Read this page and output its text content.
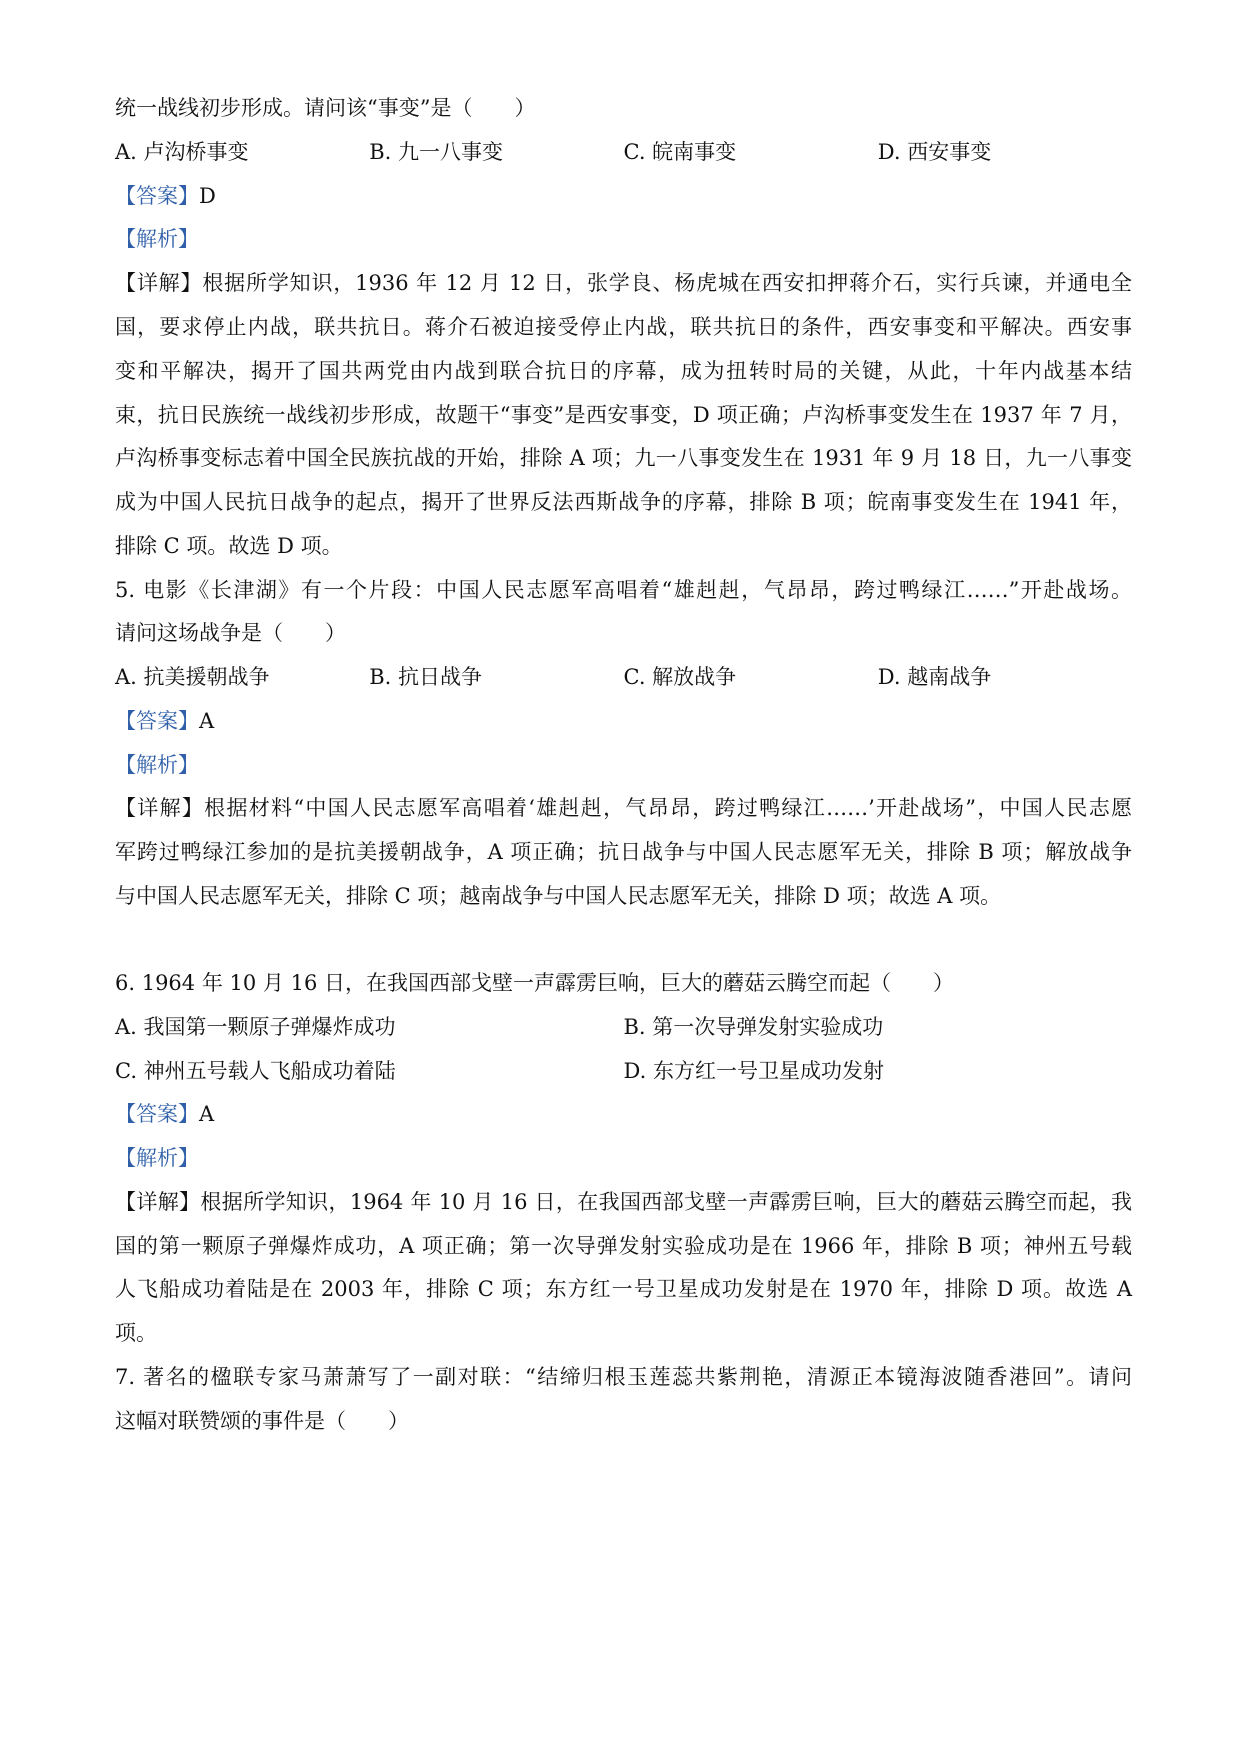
统一战线初步形成。请问该“事变”是（　　）
A. 卢沟桥事变	B. 九一八事变	C. 皖南事变	D. 西安事变
【答案】D
【解析】
【详解】根据所学知识，1936 年 12 月 12 日，张学良、杨虎城在西安扣押蒋介石，实行兵谏，并通电全
国，要求停止内战，联共抗日。蒋介石被迫接受停止内战，联共抗日的条件，西安事变和平解决。西安事
变和平解决，揭开了国共两党由内战到联合抗日的序幕，成为扭转时局的关键，从此，十年内战基本结
束，抗日民族统一战线初步形成，故题干“事变”是西安事变，D 项正确；卢沟桥事变发生在 1937 年 7 月，
卢沟桥事变标志着中国全民族抗战的开始，排除 A 项；九一八事变发生在 1931 年 9 月 18 日，九一八事变
成为中国人民抗日战争的起点，揭开了世界反法西斯战争的序幕，排除 B 项；皖南事变发生在 1941 年，
排除 C 项。故选 D 项。
5. 电影《长津湖》有一个片段：中国人民志愿军高唱着“雄赳赳，气昂昂，跨过鸭绿江……”开赴战场。
请问这场战争是（　　）
A. 抗美援朝战争	B. 抗日战争	C. 解放战争	D. 越南战争
【答案】A
【解析】
【详解】根据材料“中国人民志愿军高唱着‘雄赳赳，气昂昂，跨过鸭绿江……’开赴战场”，中国人民志愿
军跨过鸭绿江参加的是抗美援朝战争，A 项正确；抗日战争与中国人民志愿军无关，排除 B 项；解放战争
与中国人民志愿军无关，排除 C 项；越南战争与中国人民志愿军无关，排除 D 项；故选 A 项。
6. 1964 年 10 月 16 日，在我国西部戈壁一声霹雳巨响，巨大的蘑菇云腾空而起（　　）
A. 我国第一颗原子弹爆炸成功	B. 第一次导弹发射实验成功
C. 神州五号载人飞船成功着陆	D. 东方红一号卫星成功发射
【答案】A
【解析】
【详解】根据所学知识，1964 年 10 月 16 日，在我国西部戈壁一声霹雳巨响，巨大的蘑菇云腾空而起，我
国的第一颗原子弹爆炸成功，A 项正确；第一次导弹发射实验成功是在 1966 年，排除 B 项；神州五号载
人飞船成功着陆是在 2003 年，排除 C 项；东方红一号卫星成功发射是在 1970 年，排除 D 项。故选 A
项。
7. 著名的楹联专家马萧萧写了一副对联：“结缔归根玉莲蕊共紫荆艳，清源正本镜海波随香港回”。请问
这幅对联赞颂的事件是（　　）
